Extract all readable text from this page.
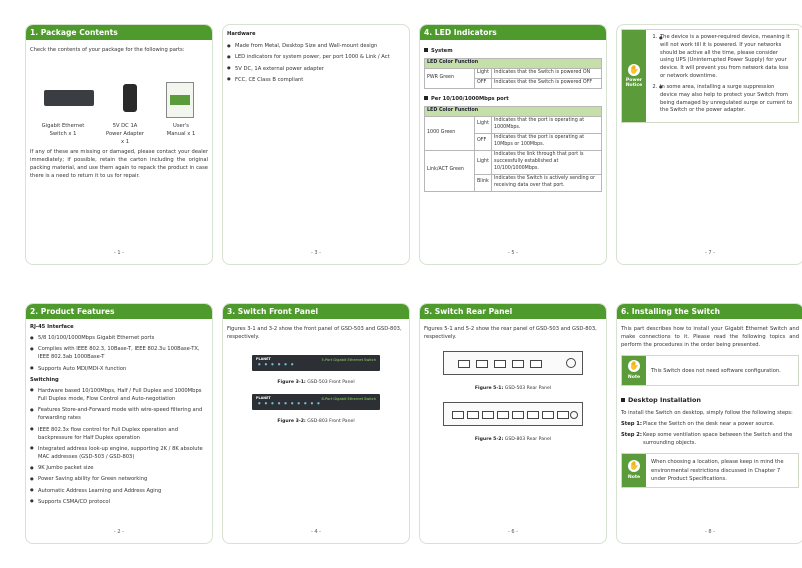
1. Package Contents

Check the contents of your package for the following parts:

Gigabit Ethernet Switch x 1
5V DC 1A Power Adapter x 1
User's Manual x 1

If any of these are missing or damaged, please contact your dealer immediately; if possible, retain the carton including the original packing material, and use them again to repack the product in case there is a need to return it to us for repair.

- 1 -

Hardware

● Made from Metal, Desktop Size and Wall-mount design
● LED indicators for system power, per port 1000 & Link / Act
● 5V DC, 1A external power adapter
● FCC, CE Class B compliant
- 3 -
4. LED Indicators

System

LED Color Function		
PWR Green	Light	Indicates that the Switch is powered ON
	OFF	Indicates that the Switch is powered OFF

Per 10/100/1000Mbps port

LED Color Function		
1000 Green	Light	Indicates that the port is operating at 1000Mbps.
	OFF	Indicates that the port is operating at 10Mbps or 100Mbps.
Link/ACT Green	Light	Indicates the link through that port is successfully established at 10/100/1000Mbps.
	Blink	Indicates the Switch is actively sending or receiving data over that port.
- 5 -
✋
Power Notice
● 1. The device is a power-required device, meaning it will not work till it is powered. If your networks should be active all the time, please consider using UPS (Uninterrupted Power Supply) for your device. It will prevent you from network data loss or network downtime.
● 2. In some area, installing a surge suppression device may also help to protect your Switch from being damaged by unregulated surge or current to the Switch or the power adapter.
- 7 -
2. Product Features

RJ-45 Interface

● 5/8 10/100/1000Mbps Gigabit Ethernet ports
● Complies with IEEE 802.3, 10Base-T, IEEE 802.3u 100Base-TX, IEEE 802.3ab 1000Base-T
● Supports Auto MDI/MDI-X function

Switching

● Hardware based 10/100Mbps, Half / Full Duplex and 1000Mbps Full Duplex mode, Flow Control and Auto-negotiation
● Features Store-and-Forward mode with wire-speed filtering and forwarding rates
● IEEE 802.3x flow control for Full Duplex operation and backpressure for Half Duplex operation
● Integrated address look-up engine, supporting 2K / 8K absolute MAC addresses (GSD-503 / GSD-803)
● 9K Jumbo packet size
● Power Saving ability for Green networking
● Automatic Address Learning and Address Aging
● Supports CSMA/CD protocol
- 2 -
3. Switch Front Panel

Figures 3-1 and 3-2 show the front panel of GSD-503 and GSD-803, respectively.

PLANET	5-Port Gigabit Ethernet Switch
● ● ● ● ● ●

Figure 3-1: GSD-503 Front Panel

PLANET	8-Port Gigabit Ethernet Switch
● ● ● ● ● ● ● ● ● ●

Figure 3-2: GSD-803 Front Panel

- 4 -
5. Switch Rear Panel

Figures 5-1 and 5-2 show the rear panel of GSD-503 and GSD-803, respectively.

Figure 5-1: GSD-503 Rear Panel

Figure 5-2: GSD-803 Rear Panel

- 6 -
6. Installing the Switch

This part describes how to install your Gigabit Ethernet Switch and make connections to it. Please read the following topics and perform the procedures in the order being presented.

✋
Note
This Switch does not need software configuration.

Desktop Installation

To install the Switch on desktop, simply follow the following steps:

Step 1: Place the Switch on the desk near a power source.
Step 2: Keep some ventilation space between the Switch and the surrounding objects.
✋
Note
When choosing a location, please keep in mind the environmental restrictions discussed in Chapter 7 under Product Specifications.
- 8 -
